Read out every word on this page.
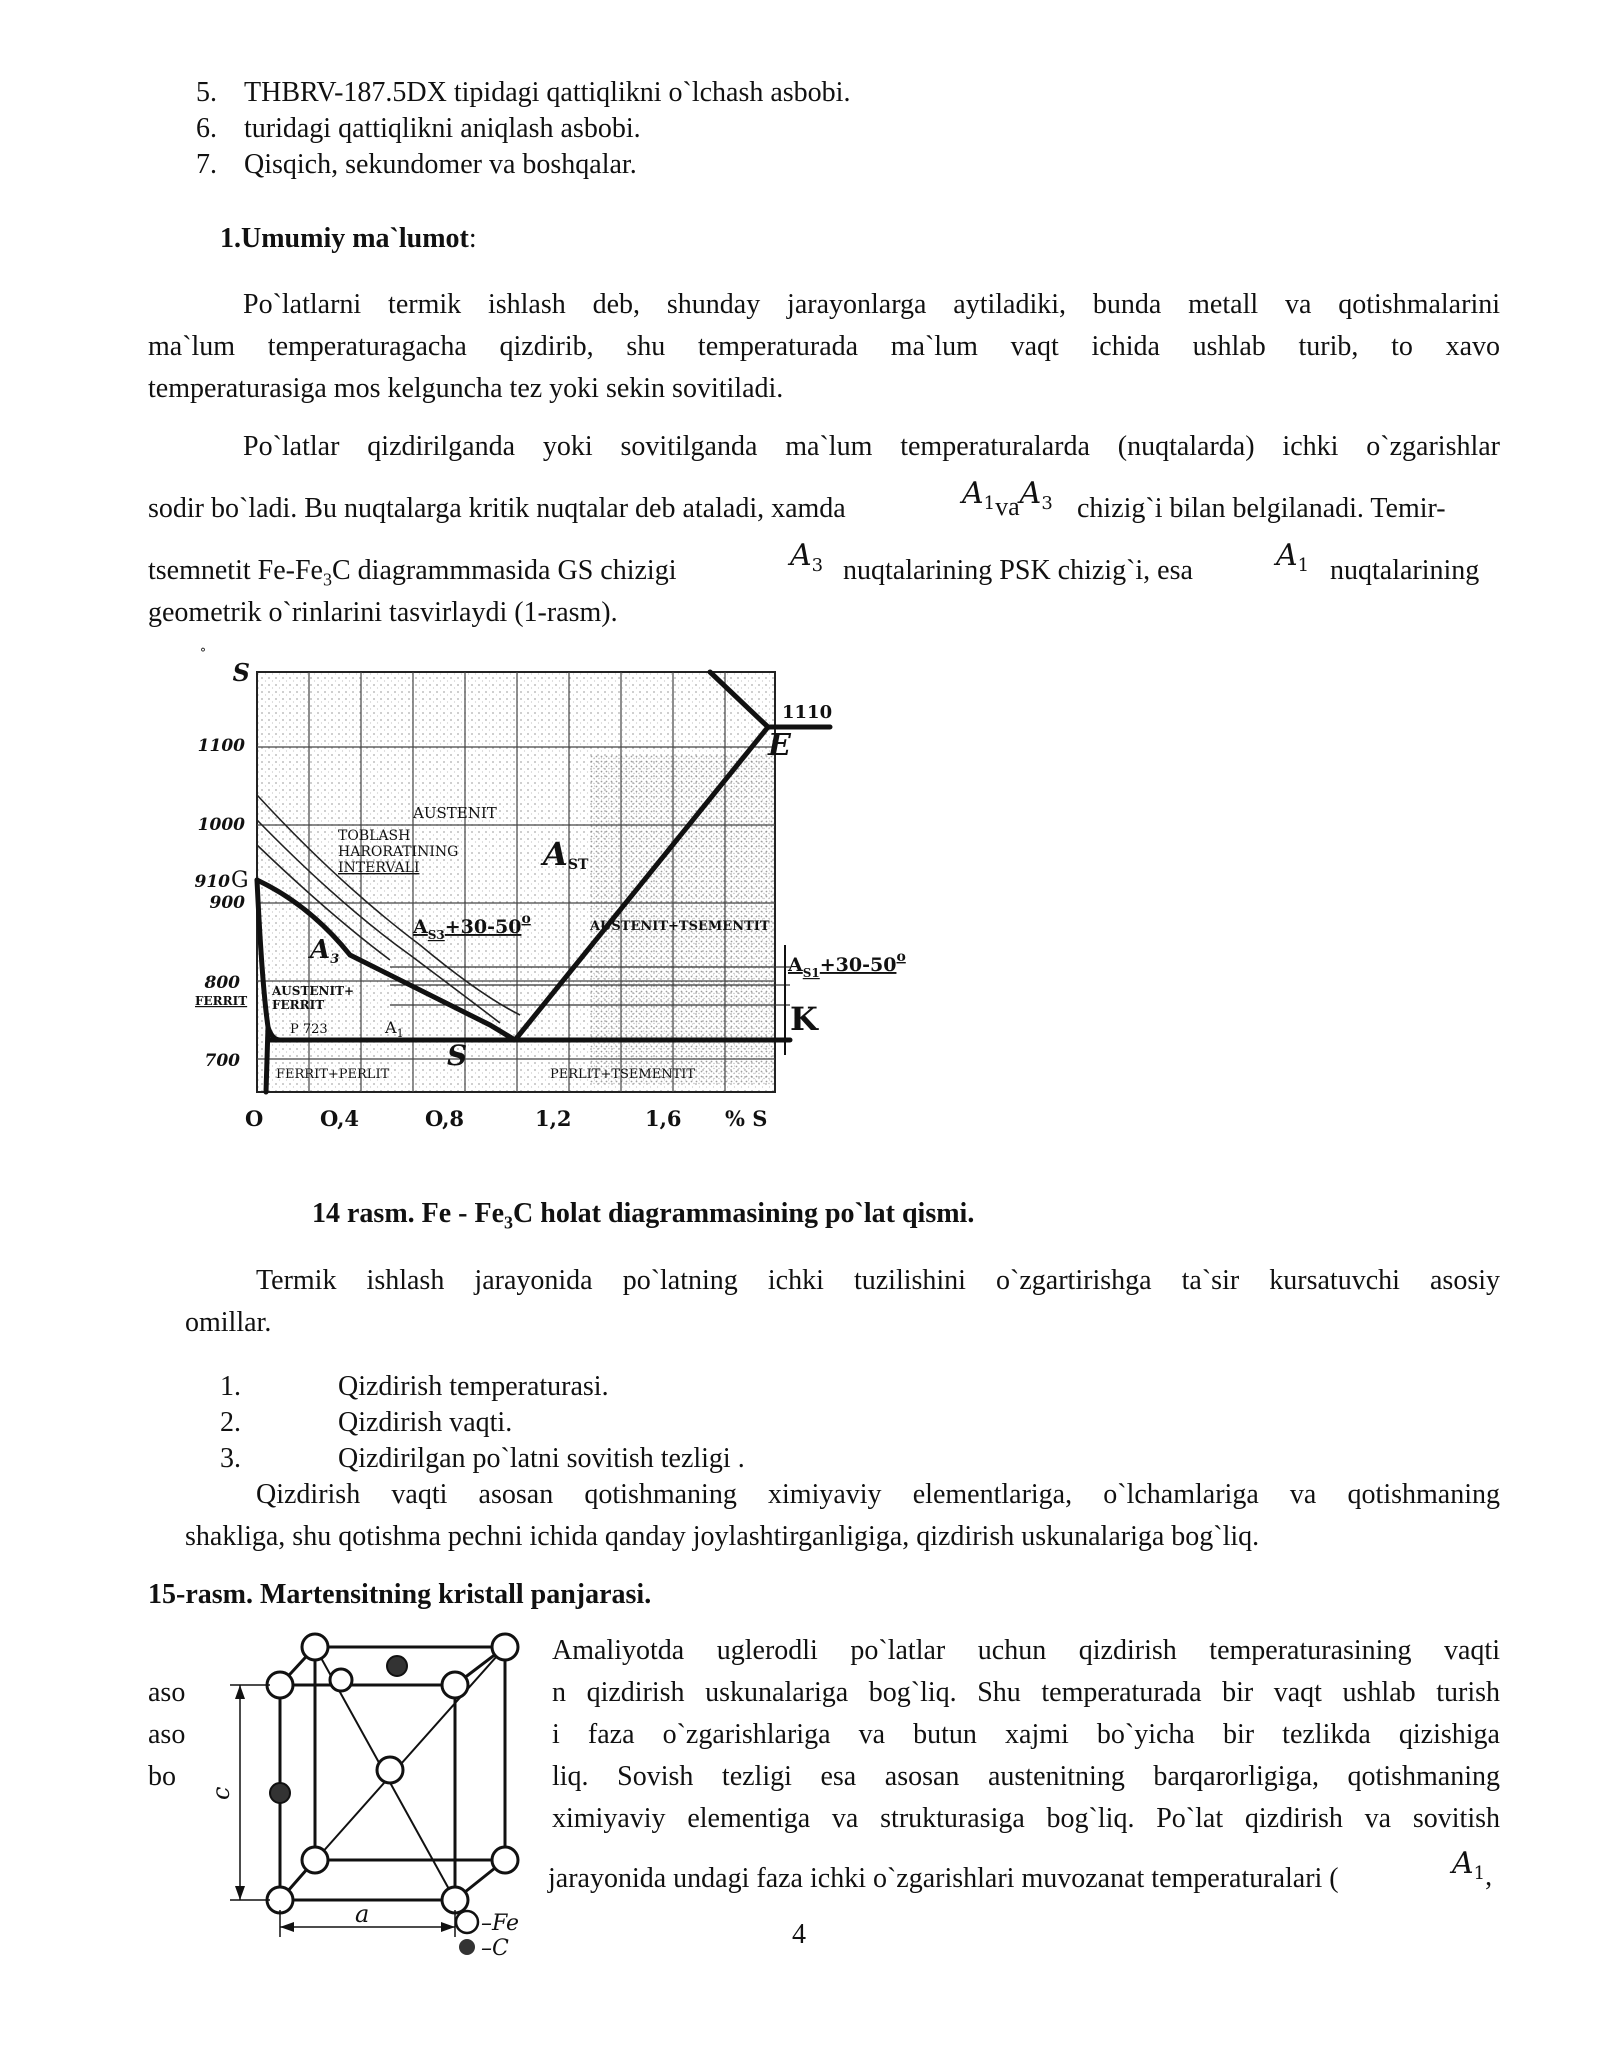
5. THBRV-187.5DX tipidagi qattiqlikni o`lchash asbobi.
6. turidagi qattiqlikni aniqlash asbobi.
7. Qisqich, sekundomer va boshqalar.
1.Umumiy ma`lumot:
Po`latlarni termik ishlash deb, shunday jarayonlarga aytiladiki, bunda metall va qotishmalarini
ma`lum temperaturagacha qizdirib, shu temperaturada ma`lum vaqt ichida ushlab turib, to xavo
temperaturasiga mos kelguncha tez yoki sekin sovitiladi.
Po`latlar qizdirilganda yoki sovitilganda ma`lum temperaturalarda (nuqtalarda) ichki o`zgarishlar
sodir bo`ladi. Bu nuqtalarga kritik nuqtalar deb ataladi, xamda	$A^1vaA^3$ chizig`i bilan belgilanadi. Temir-
tsemnetit $Fe-Fe_3C$ diagrammmasida GS chizigi	$A^3$ nuqtalarining PSK chizig`i, esa	$A^1$ nuqtalarining
geometrik o`rinlarini tasvirlaydi (1-rasm).
S
1100
1000
910
900
800
700
G
°
FERRIT
O	O,4	O,8	1,2	1,6 % S
1110
E
K
AUSTENIT
TOBLASH
HARORATINING
INTERVALI	AST
$A_{S3}+30-50^o$	AUSTENIT+TSEMENTIT
$A_{S1}+30-50^o$
A3
AUSTENIT+
FERRIT
P 723	$A_1$
S
FERRIT+PERLIT	PERLIT+TSEMENTIT
14 rasm. Fe - $Fe_3C$ holat diagrammasining po`lat qismi.
Termik ishlash jarayonida po`latning ichki tuzilishini o`zgartirishga ta`sir kursatuvchi asosiy
omillar.
1.	Qizdirish temperaturasi.
2.	Qizdirish vaqti.
3.	Qizdirilgan po`latni sovitish tezligi .
Qizdirish vaqti asosan qotishmaning ximiyaviy elementlariga, o`lchamlariga va qotishmaning
shakliga, shu qotishma pechni ichida qanday joylashtirganligiga, qizdirish uskunalariga bog`liq.
15-rasm. Martensitning kristall panjarasi.
aso
aso
bo
Amaliyotda uglerodli po`latlar uchun qizdirish temperaturasining vaqti
n qizdirish uskunalariga bog`liq. Shu temperaturada bir vaqt ushlab turish
i faza o`zgarishlariga va butun xajmi bo`yicha bir tezlikda qizishiga
liq. Sovish tezligi esa asosan austenitning barqarorligiga, qotishmaning
ximiyaviy elementiga va strukturasiga bog`liq. Po`lat qizdirish va sovitish
jarayonida undagi faza ichki o`zgarishlari muvozanat temperaturalari (	$A^1$,
c
a	–Fe
–C	4
